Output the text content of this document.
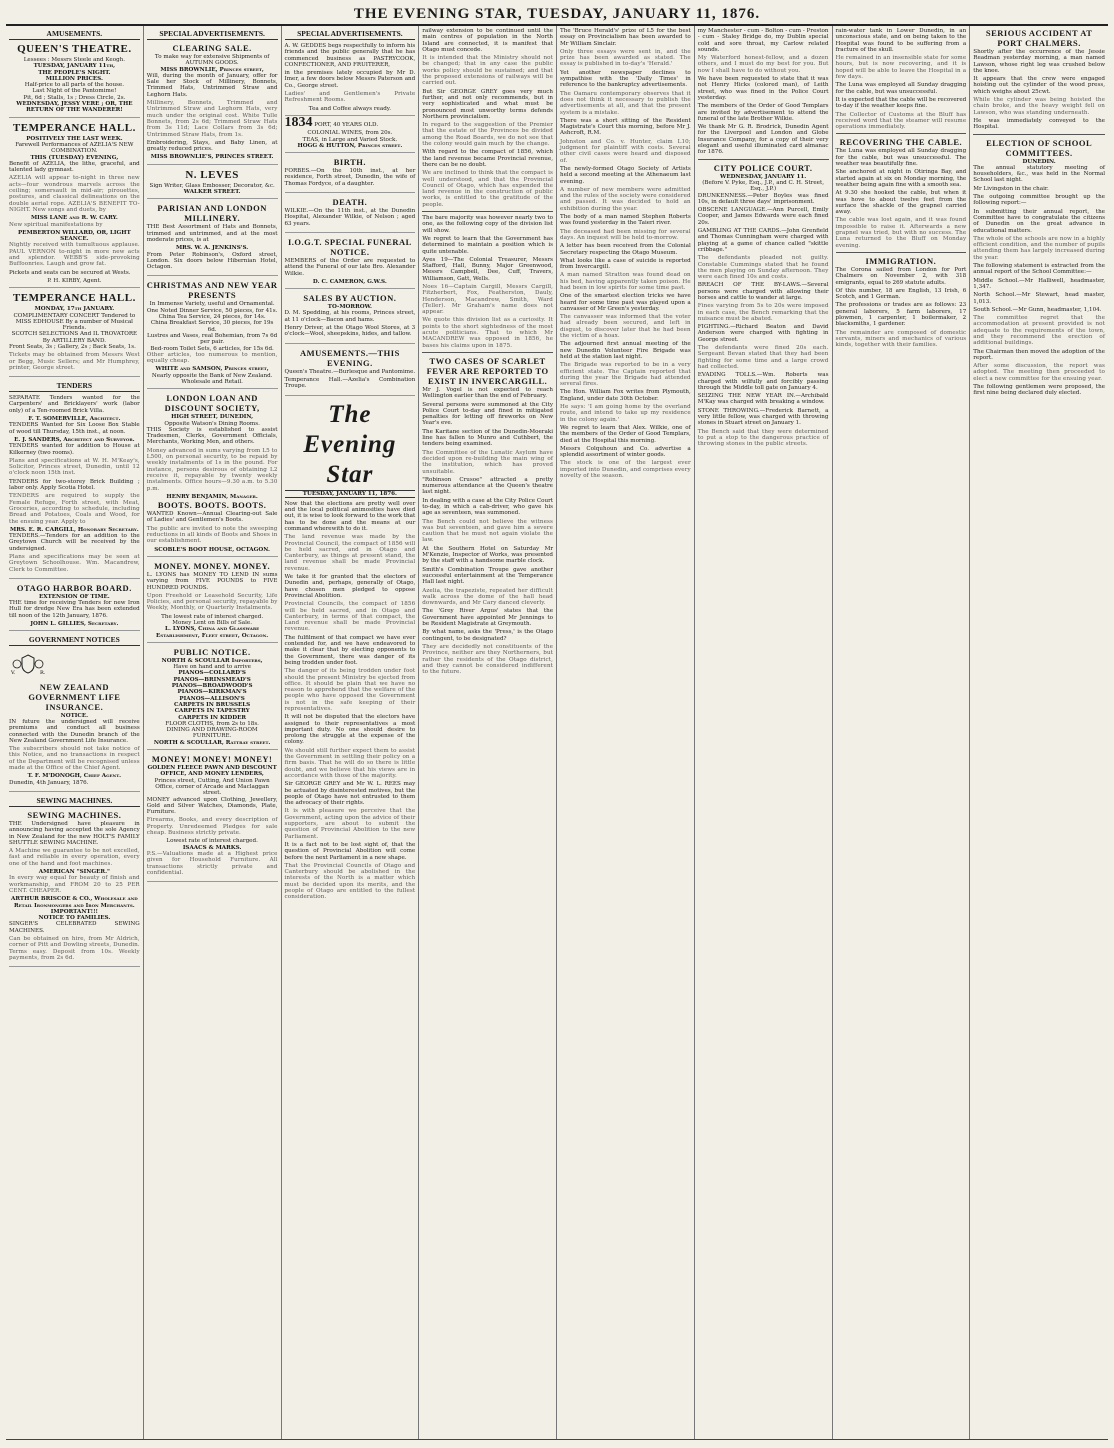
THE EVENING STAR, TUESDAY, JANUARY 11, 1876.
AMUSEMENTS.
QUEEN'S THEATRE.
Lessees : Messrs Steele and Keogh.
TUESDAY, JANUARY 11th,
THE PEOPLE'S NIGHT.
MILLION PRICES.
Half-price to all parts of the house.
Last Night of the Pantomime!
Pit, 6d ; Stalls, 1s ; Dress Circle, 2s.
WEDNESDAY, JESSY VERE ; OR, THE RETURN OF THE WANDERER!
TEMPERANCE HALL.
POSITIVELY THE LAST WEEK.
Farewell Performances of AZELIA'S NEW COMBINATION.
THIS (TUESDAY) EVENING,
Benefit of AZELIA, the lithe, graceful, and talented lady gymnast.

AZELIA will appear to-night in three new acts—four wondrous marvels across the ceiling; somersault in mid-air; pirouettes, postures, and classical delineations on the double aerial rope. AZELIA'S BENEFIT TO-NIGHT. New songs and duets, by

MISS LANE and R. W. CARY.

New spiritual manifestations by

PEMBERTON WILLARD, OR, LIGHT SEANCE.

Nightly received with tumultuous applause. PAUL VERNON to-night in more new acts and splendor. WEBB'S side-provoking Buffoonries. Laugh and grow fat.

Pickets and seats can be secured at Wests.
P. H. KIRBY, Agent.
TEMPERANCE HALL.
MONDAY, 17th JANUARY.
COMPLIMENTARY CONCERT Tendered to MISS EDHOUSE By a number of Musical Friends.
SCOTCH SELECTIONS And IL TROVATORE By ARTILLERY BAND.
Front Seats, 3s ; Gallery, 2s ; Back Seats, 1s.

Tickets may be obtained from Messrs West or Begg, Music Sellers; and Mr Humphrey, printer, George street.

TENDERS
SEPARATE Tenders wanted for the Carpenters' and Bricklayers' work (labor only) of a Ten-roomed Brick Villa.
F. T. SOMERVILLE, Architect.
TENDERS Wanted for Six Loose Box Stable of wood till Thursday, 15th inst., at noon.
E. J. SANDERS, Architect and Surveyor.
TENDERS wanted for addition to House at Kilkerney (two rooms).

Plans and specifications at W. H. M'Keay's, Solicitor, Princes street, Dunedin, until 12 o'clock noon 15th inst.

TENDERS for two-storey Brick Building ; labor only. Apply Scotia Hotel.

TENDERS are required to supply the Female Refuge, Forth street, with Meat, Groceries, according to schedule, including Bread and Potatoes, Coals and Wood, for the ensuing year. Apply to

MRS. E. R. CARGILL, Honorary Secretary.
TENDERS.—Tenders for an addition to the Greytown Church will be received by the undersigned.

Plans and specifications may be seen at Greytown Schoolhouse. Wm. Macandrew, Clerk to Committee.

OTAGO HARBOR BOARD.
EXTENSION OF TIME.
THE time for receiving Tenders for new Iron Hull for dredge New Era has been extended till noon of the 12th January, 1876.
JOHN L. GILLIES, Secretary.
GOVERNMENT NOTICES
V.	R.
NEW ZEALAND GOVERNMENT LIFE INSURANCE.
NOTICE.
IN future the undersigned will receive premiums and conduct all business connected with the Dunedin branch of the New Zealand Government Life Insurance.

The subscribers should not take notice of this Notice, and no transactions in respect of the Department will be recognised unless made at the Office of the Chief Agent.

T. F. M'DONOGH, Chief Agent.
Dunedin, 4th January, 1876.
SEWING MACHINES.
SEWING MACHINES.
THE Undersigned have pleasure in announcing having accepted the sole Agency in New Zealand for the new HOLT'S FAMILY SHUTTLE SEWING MACHINE.

A Machine we guarantee to be not excelled, fast and reliable in every operation, every one of the hand and foot machines.

AMERICAN "SINGER."

In every way equal for beauty of finish and workmanship, and FROM 20 to 25 PER CENT. CHEAPER.

ARTHUR BRISCOE & CO., Wholesale and Retail Ironmongers and Iron Merchants.
IMPORTANT!!!
NOTICE TO FAMILIES.
SINGER'S CELEBRATED SEWING MACHINES.

Can be obtained on hire, from Mr Aldrich, corner of Pitt and Dowling streets, Dunedin. Terms easy. Deposit from 10s. Weekly payments, from 2s 6d.

SPECIAL ADVERTISEMENTS.
CLEARING SALE.
To make way for extensive Shipments of AUTUMN GOODS.
MISS BROWNLIE, Princes street,
Will, during the month of January, offer for Sale her Stock of Millinery, Bonnets, Trimmed Hats, Untrimmed Straw and Leghorn Hats.

Millinery, Bonnets, Trimmed and Untrimmed Straw and Leghorn Hats, very much under the original cost. White Tulle Bonnets, from 2s 6d; Trimmed Straw Hats from 3s 11d; Lace Collars from 3s 6d; Untrimmed Straw Hats, from 1s.

Embroidering, Stays, and Baby Linen, at greatly reduced prices.
MISS BROWNLIE'S, PRINCES STREET.
N. LEVES
Sign Writer, Glass Embosser, Decorator, &c.
WALKER STREET.
PARISIAN AND LONDON MILLINERY.
THE Best Assortment of Hats and Bonnets, trimmed and untrimmed, and at the most moderate prices, is at
MRS. W. A. JENKINS'S.
From Peter Robinson's, Oxford street, London. Six doors below Hibernian Hotel, Octagon.
CHRISTMAS AND NEW YEAR PRESENTS
In Immense Variety, useful and Ornamental.
One Noted Dinner Service, 50 pieces, for 41s.
China Tea Service, 24 pieces, for 14s.
China Breakfast Service, 30 pieces, for 19s 6d.
Lustres and Vases, real Bohemian, from 7s 6d per pair.
Bed-room Toilet Sets, 6 articles, for 15s 6d.

Other articles, too numerous to mention, equally cheap.

WHITE and SAMSON, Princes street,
Nearly opposite the Bank of New Zealand.
Wholesale and Retail.
LONDON LOAN AND DISCOUNT SOCIETY,
HIGH STREET, DUNEDIN,
Opposite Watson's Dining Rooms.
THIS Society is established to assist Tradesmen, Clerks, Government Officials, Merchants, Working Men, and others.

Money advanced in sums varying from L5 to L500, on personal security, to be repaid by weekly instalments of 1s in the pound. For instance, persons desirous of obtaining L2 receive it, repayable by twenty weekly instalments. Office hours—9.30 a.m. to 5.30 p.m.

HENRY BENJAMIN, Manager.
BOOTS. BOOTS. BOOTS.
WANTED Known—Annual Clearing-out Sale of Ladies' and Gentlemen's Boots.

The public are invited to note the sweeping reductions in all kinds of Boots and Shoes in our establishment.

SCOBLE'S BOOT HOUSE, OCTAGON.
MONEY. MONEY. MONEY.
L. LYONS has MONEY TO LEND IN sums varying from FIVE POUNDS to FIVE HUNDRED POUNDS.

Upon Freehold or Leasehold Security, Life Policies, and personal security, repayable by Weekly, Monthly, or Quarterly Instalments.

The lowest rate of interest charged.
Money Lent on Bills of Sale.
L. LYONS, China and Glassware Establishment, Fleet street, Octagon.
PUBLIC NOTICE.
NORTH & SCOULLAR Importers,
Have on hand and to arrive
PIANOS—COLLARD'S
PIANOS—BRINSMEAD'S
PIANOS—BROADWOOD'S
PIANOS—KIRKMAN'S
PIANOS—ALLISON'S
CARPETS IN BRUSSELS
CARPETS IN TAPESTRY
CARPETS IN KIDDER
FLOOR CLOTHS, from 2s to 18s.
DINING AND DRAWING-ROOM FURNITURE.
NORTH & SCOULLAR, Rattray street.
MONEY! MONEY! MONEY!
GOLDEN FLEECE PAWN AND DISCOUNT OFFICE, AND MONEY LENDERS,
Princes street, Cutting, And Union Pawn Office, corner of Arcade and Maclaggan street.
MONEY advanced upon Clothing, Jewellery, Gold and Silver Watches, Diamonds, Plate, Furniture.

Firearms, Books, and every description of Property. Unredeemed Pledges for sale cheap. Business strictly private.

Lowest rate of interest charged.
ISAACS & MARKS.

P.S.—Valuations made at a Highest price given for Household Furniture. All transactions strictly private and confidential.

SPECIAL ADVERTISEMENTS.
A. W. GEDDES begs respectfully to inform his friends and the public generally that he has commenced business as PASTRYCOOK, CONFECTIONER, AND FRUITERER,
in the premises lately occupied by Mr D. Imer, a few doors below Messrs Paterson and Co., George street.

Ladies' and Gentlemen's Private Refreshment Rooms.

Tea and Coffee always ready.
1834 PORT, 40 YEARS OLD.
COLONIAL WINES, from 20s.
TEAS, in Large and Varied Stock.
HOGG & HUTTON, Princes street.
BIRTH.
FORBES.—On the 10th inst., at her residence, Forth street, Dunedin, the wife of Thomas Fordyce, of a daughter.
DEATH.
WILKIE.—On the 11th inst., at the Dunedin Hospital, Alexander Wilkie, of Nelson ; aged 63 years.
I.O.G.T. SPECIAL FUNERAL NOTICE.
MEMBERS of the Order are requested to attend the Funeral of our late Bro. Alexander Wilkie.
D. C. CAMERON, G.W.S.
SALES BY AUCTION.
TO-MORROW.
D. M. Spedding, at his rooms, Princes street, at 11 o'clock—Bacon and hams.
Henry Driver, at the Otago Wool Stores, at 3 o'clock—Wool, sheepskins, hides, and tallow.
AMUSEMENTS.—THIS EVENING.
Queen's Theatre.—Burlesque and Pantomime.
Temperance Hall.—Azelia's Combination Troupe.
The Evening Star
TUESDAY, JANUARY 11, 1876.

Now that the elections are pretty well over and the local political animosities have died out, it is wise to look forward to the work that has to be done and the means at our command wherewith to do it.

The land revenue was made by the Provincial Council, the compact of 1856 will be held sacred, and in Otago and Canterbury, as things at present stand, the land revenue shall be made Provincial revenue.

We take it for granted that the electors of Dunedin and, perhaps, generally of Otago, have chosen men pledged to oppose Provincial Abolition.

Provincial Councils, the compact of 1856 will be held sacred, and in Otago and Canterbury, in terms of that compact, the Land revenue shall be made Provincial revenue.

The fulfilment of that compact we have ever contended for, and we have endeavored to make it clear that by electing opponents to the Government, there was danger of its being trodden under foot.

The danger of its being trodden under foot should the present Ministry be ejected from office. It should be plain that we have no reason to apprehend that the welfare of the people who have opposed the Government is not in the safe keeping of their representatives.

It will not be disputed that the electors have assigned to their representatives a most important duty. No one should desire to prolong the struggle at the expense of the colony.

We should still further expect them to assist the Government in settling their policy on a firm basis. That he will do so there is little doubt, and we believe that his views are in accordance with those of the majority.

Sir GEORGE GREY and Mr W. L. REES may be actuated by disinterested motives, but the people of Otago have not entrusted to them the advocacy of their rights.

It is with pleasure we perceive that the Government, acting upon the advice of their supporters, are about to submit the question of Provincial Abolition to the new Parliament.

It is a fact not to be lost sight of, that the question of Provincial Abolition will come before the next Parliament in a new shape.

That the Provincial Councils of Otago and Canterbury should be abolished in the interests of the North is a matter which must be decided upon its merits, and the people of Otago are entitled to the fullest consideration.

railway extension to be continued until the main centres of population in the North Island are connected, it is manifest that Otago must concede.

It is intended that the Ministry should not be changed; that in any case the public works policy should be sustained; and that the proposed extensions of railways will be carried out.

But Sir GEORGE GREY goes very much further, and not only recommends, but in very sophisticated and what must be pronounced most unworthy terms defends Northern provincialism.

In regard to the suggestion of the Premier that the estate of the Provinces be divided among the Road Boards, we do not see that the colony would gain much by the change.

With regard to the compact of 1856, which the land revenue became Provincial revenue, there can be no doubt.

We are inclined to think that the compact is well understood, and that the Provincial Council of Otago, which has expended the land revenue in the construction of public works, is entitled to the gratitude of the people.

The bare majority was however nearly two to one, as the following copy of the division list will show.

We regret to learn that the Government has determined to maintain a position which is quite untenable.

Ayes 19—The Colonial Treasurer, Messrs Stafford, Hall, Bunny, Major Greenwood, Messrs Campbell, Dee, Cuff, Travers, Williamson, Gatt, Wells.

Noes 16—Captain Cargill, Messrs Cargill, Fitzherbert, Fox, Featherston, Dauly, Henderson, Macandrew, Smith, Ward (Teller). Mr Graham's name does not appear.

We quote this division list as a curiosity. It points to the short sightedness of the most acute politicians. That to which Mr MACANDREW was opposed in 1856, he bases his claims upon in 1875.

TWO CASES OF SCARLET FEVER ARE REPORTED TO EXIST IN INVERCARGILL.

Mr J. Vogel is not expected to reach Wellington earlier than the end of February.

Several persons were summoned at the City Police Court to-day and fined in mitigated penalties for letting off fireworks on New Year's eve.

The Karitane section of the Dunedin-Moeraki line has fallen to Munro and Cuthbert, the tenders being examined.

The Committee of the Lunatic Asylum have decided upon re-building the main wing of the institution, which has proved unsuitable.

"Robinson Crusoe" attracted a pretty numerous attendance at the Queen's theatre last night.

In dealing with a case at the City Police Court to-day, in which a cab-driver, who gave his age as seventeen, was summoned.

The Bench could not believe the witness was but seventeen, and gave him a severe caution that he must not again violate the law.

At the Southern Hotel on Saturday Mr M'Kenzie, Inspector of Works, was presented by the staff with a handsome marble clock.

Smith's Combination Troupe gave another successful entertainment at the Temperance Hall last night.

Azelia, the trapeziste, repeated her difficult walk across the dome of the hall head downwards, and Mr Cary danced cleverly.

The 'Grey River Argus' states that the Government have appointed Mr Jennings to be Resident Magistrate at Greymouth.

By what name, asks the 'Press,' is the Otago contingent, to be designated?

They are decidedly not constituents of the Province, neither are they Northerners, but rather the residents of the Otago district, and they cannot be considered indifferent to the future.

The 'Bruce Herald's' prize of L5 for the best essay on Provincialism has been awarded to Mr William Sinclair.

Only three essays were sent in, and the prize has been awarded as stated. The essay is published in to-day's 'Herald.'

Yet another newspaper declines to sympathise with the 'Daily Times' in reference to the bankruptcy advertisements.

The Oamaru contemporary observes that it does not think it necessary to publish the advertisements at all, and that the present system is a mistake.

There was a short sitting of the Resident Magistrate's Court this morning, before Mr J. Ashcroft, R.M.

Johnston and Co. v. Hunter, claim L10; judgment for plaintiff with costs. Several other civil cases were heard and disposed of.

The newly-formed Otago Society of Artists held a second meeting at the Athenaeum last evening.

A number of new members were admitted and the rules of the society were considered and passed. It was decided to hold an exhibition during the year.

The body of a man named Stephen Roberts was found yesterday in the Taieri river.

The deceased had been missing for several days. An inquest will be held to-morrow.

A letter has been received from the Colonial Secretary respecting the Otago Museum.

What looks like a case of suicide is reported from Invercargill.

A man named Stratton was found dead on his bed, having apparently taken poison. He had been in low spirits for some time past.

One of the smartest election tricks we have heard for some time past was played upon a canvasser of Mr Green's yesterday.

The canvasser was informed that the voter had already been secured, and left in disgust, to discover later that he had been the victim of a hoax.

The adjourned first annual meeting of the new Dunedin Volunteer Fire Brigade was held at the station last night.

The Brigade was reported to be in a very efficient state. The Captain reported that during the year the Brigade had attended several fires.

The Hon. William Fox writes from Plymouth, England, under date 30th October.

He says: 'I am going home by the overland route, and intend to take up my residence in the colony again.'

We regret to learn that Alex. Wilkie, one of the members of the Order of Good Templars, died at the Hospital this morning.

Messrs Colquhoun and Co. advertise a splendid assortment of winter goods.

The stock is one of the largest ever imported into Dunedin, and comprises every novelty of the season.

my Manchester - cum - Bolton - cum - Preston - cum - Staley Bridge do, my Dublin special cold and sore throat, my Carlow related sounds.

My Waterford honest-fellow, and a dozen others, and I must do my best for you. But now I shall have to do without you.

We have been requested to state that it was not Henry Hicks (colored man), of Leith street, who was fined in the Police Court yesterday.

The members of the Order of Good Templars are invited by advertisement to attend the funeral of the late Brother Wilkie.

We thank Mr G. R. Brodrick, Dunedin Agent for the Liverpool and London and Globe Insurance Company, for a copy of their very elegant and useful illuminated card almanac for 1876.

CITY POLICE COURT.
WEDNESDAY, JANUARY 11.
(Before V. Pyke, Esq., J.P., and C. H. Street, Esq., J.P.)

DRUNKENNESS.—Peter Boyles was fined 10s, in default three days' imprisonment.

OBSCENE LANGUAGE.—Ann Purcell, Emily Cooper, and James Edwards were each fined 20s.

GAMBLING AT THE CARDS.—John Grenfield and Thomas Cunningham were charged with playing at a game of chance called "skittle cribbage."

The defendants pleaded not guilty. Constable Cummings stated that he found the men playing on Sunday afternoon. They were each fined 10s and costs.

BREACH OF THE BY-LAWS.—Several persons were charged with allowing their horses and cattle to wander at large.

Fines varying from 5s to 20s were imposed in each case, the Bench remarking that the nuisance must be abated.

FIGHTING.—Richard Beaton and David Anderson were charged with fighting in George street.

The defendants were fined 20s each. Sergeant Bevan stated that they had been fighting for some time and a large crowd had collected.

EVADING TOLLS.—Wm. Roberts was charged with wilfully and forcibly passing through the Middle toll gate on January 4.

SEIZING THE NEW YEAR IN.—Archibald M'Kay was charged with breaking a window.

STONE THROWING.—Frederick Barnett, a very little fellow, was charged with throwing stones in Stuart street on January 1.

The Bench said that they were determined to put a stop to the dangerous practice of throwing stones in the public streets.

rain-water tank in Lower Dunedin, in an unconscious state, and on being taken to the Hospital was found to be suffering from a fracture of the skull.

He remained in an insensible state for some hours, but is now recovering, and it is hoped will be able to leave the Hospital in a few days.

The Luna was employed all Sunday dragging for the cable, but was unsuccessful.

It is expected that the cable will be recovered to-day if the weather keeps fine.

The Collector of Customs at the Bluff has received word that the steamer will resume operations immediately.

RECOVERING THE CABLE.

The Luna was employed all Sunday dragging for the cable, but was unsuccessful. The weather was beautifully fine.

She anchored at night in Otiringa Bay, and started again at six on Monday morning, the weather being again fine with a smooth sea.

At 9.30 she hooked the cable, but when it was hove to about twelve feet from the surface the shackle of the grapnel carried away.

The cable was lost again, and it was found impossible to raise it. Afterwards a new grapnel was tried, but with no success. The Luna returned to the Bluff on Monday evening.

IMMIGRATION.

The Corona sailed from London for Port Chalmers on November 2, with 318 emigrants, equal to 269 statute adults.

Of this number, 18 are English, 13 Irish, 6 Scotch, and 1 German.

The professions or trades are as follows: 23 general laborers, 5 farm laborers, 17 plowmen, 1 carpenter, 1 boilermaker, 2 blacksmiths, 1 gardener.

The remainder are composed of domestic servants, miners and mechanics of various kinds, together with their families.

SERIOUS ACCIDENT AT PORT CHALMERS.

Shortly after the occurrence of the Jessie Readman yesterday morning, a man named Lawson, whose right leg was crushed below the knee.

It appears that the crew were engaged hoisting out the cylinder of the wood press, which weighs about 25cwt.

While the cylinder was being hoisted the chain broke, and the heavy weight fell on Lawson, who was standing underneath.

He was immediately conveyed to the Hospital.

ELECTION OF SCHOOL COMMITTEES.
DUNEDIN.

The annual statutory meeting of householders, &c., was held in the Normal School last night.

Mr Livingston in the chair.

The outgoing committee brought up the following report:—

In submitting their annual report, the Committee have to congratulate the citizens of Dunedin on the great advance in educational matters.

The whole of the schools are now in a highly efficient condition, and the number of pupils attending them has largely increased during the year.

The following statement is extracted from the annual report of the School Committee:—

Middle School.—Mr Halliwell, headmaster, 1,347.

North School.—Mr Stewart, head master, 1,013.

South School.—Mr Gunn, headmaster, 1,104.

The committee regret that the accommodation at present provided is not adequate to the requirements of the town, and they recommend the erection of additional buildings.

The Chairman then moved the adoption of the report.

After some discussion, the report was adopted. The meeting then proceeded to elect a new committee for the ensuing year.

The following gentlemen were proposed, the first nine being declared duly elected.
